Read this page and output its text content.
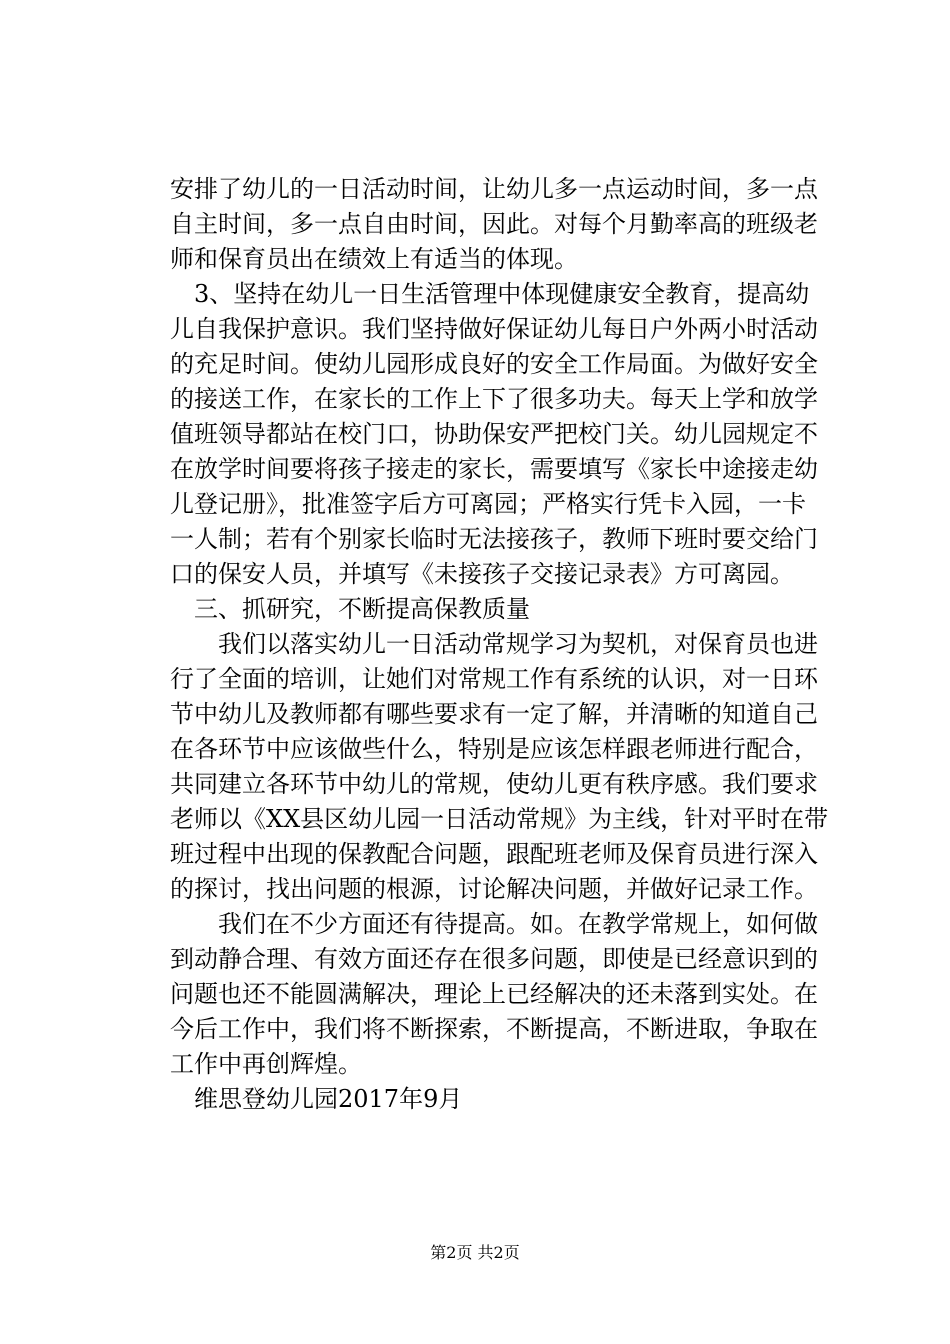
安排了幼儿的一日活动时间，让幼儿多一点运动时间，多一点
自主时间，多一点自由时间，因此。对每个月勤率高的班级老
师和保育员出在绩效上有适当的体现。
3、坚持在幼儿一日生活管理中体现健康安全教育，提高幼
儿自我保护意识。我们坚持做好保证幼儿每日户外两小时活动
的充足时间。使幼儿园形成良好的安全工作局面。为做好安全
的接送工作，在家长的工作上下了很多功夫。每天上学和放学
值班领导都站在校门口，协助保安严把校门关。幼儿园规定不
在放学时间要将孩子接走的家长，需要填写《家长中途接走幼
儿登记册》，批准签字后方可离园；严格实行凭卡入园，一卡
一人制；若有个别家长临时无法接孩子，教师下班时要交给门
口的保安人员，并填写《未接孩子交接记录表》方可离园。
三、抓研究，不断提高保教质量
我们以落实幼儿一日活动常规学习为契机，对保育员也进
行了全面的培训，让她们对常规工作有系统的认识，对一日环
节中幼儿及教师都有哪些要求有一定了解，并清晰的知道自己
在各环节中应该做些什么，特别是应该怎样跟老师进行配合，
共同建立各环节中幼儿的常规，使幼儿更有秩序感。我们要求
老师以《XX县区幼儿园一日活动常规》为主线，针对平时在带
班过程中出现的保教配合问题，跟配班老师及保育员进行深入
的探讨，找出问题的根源，讨论解决问题，并做好记录工作。
我们在不少方面还有待提高。如。在教学常规上，如何做
到动静合理、有效方面还存在很多问题，即使是已经意识到的
问题也还不能圆满解决，理论上已经解决的还未落到实处。在
今后工作中，我们将不断探索，不断提高，不断进取，争取在
工作中再创辉煌。
维思登幼儿园2017年9月
第2页 共2页
